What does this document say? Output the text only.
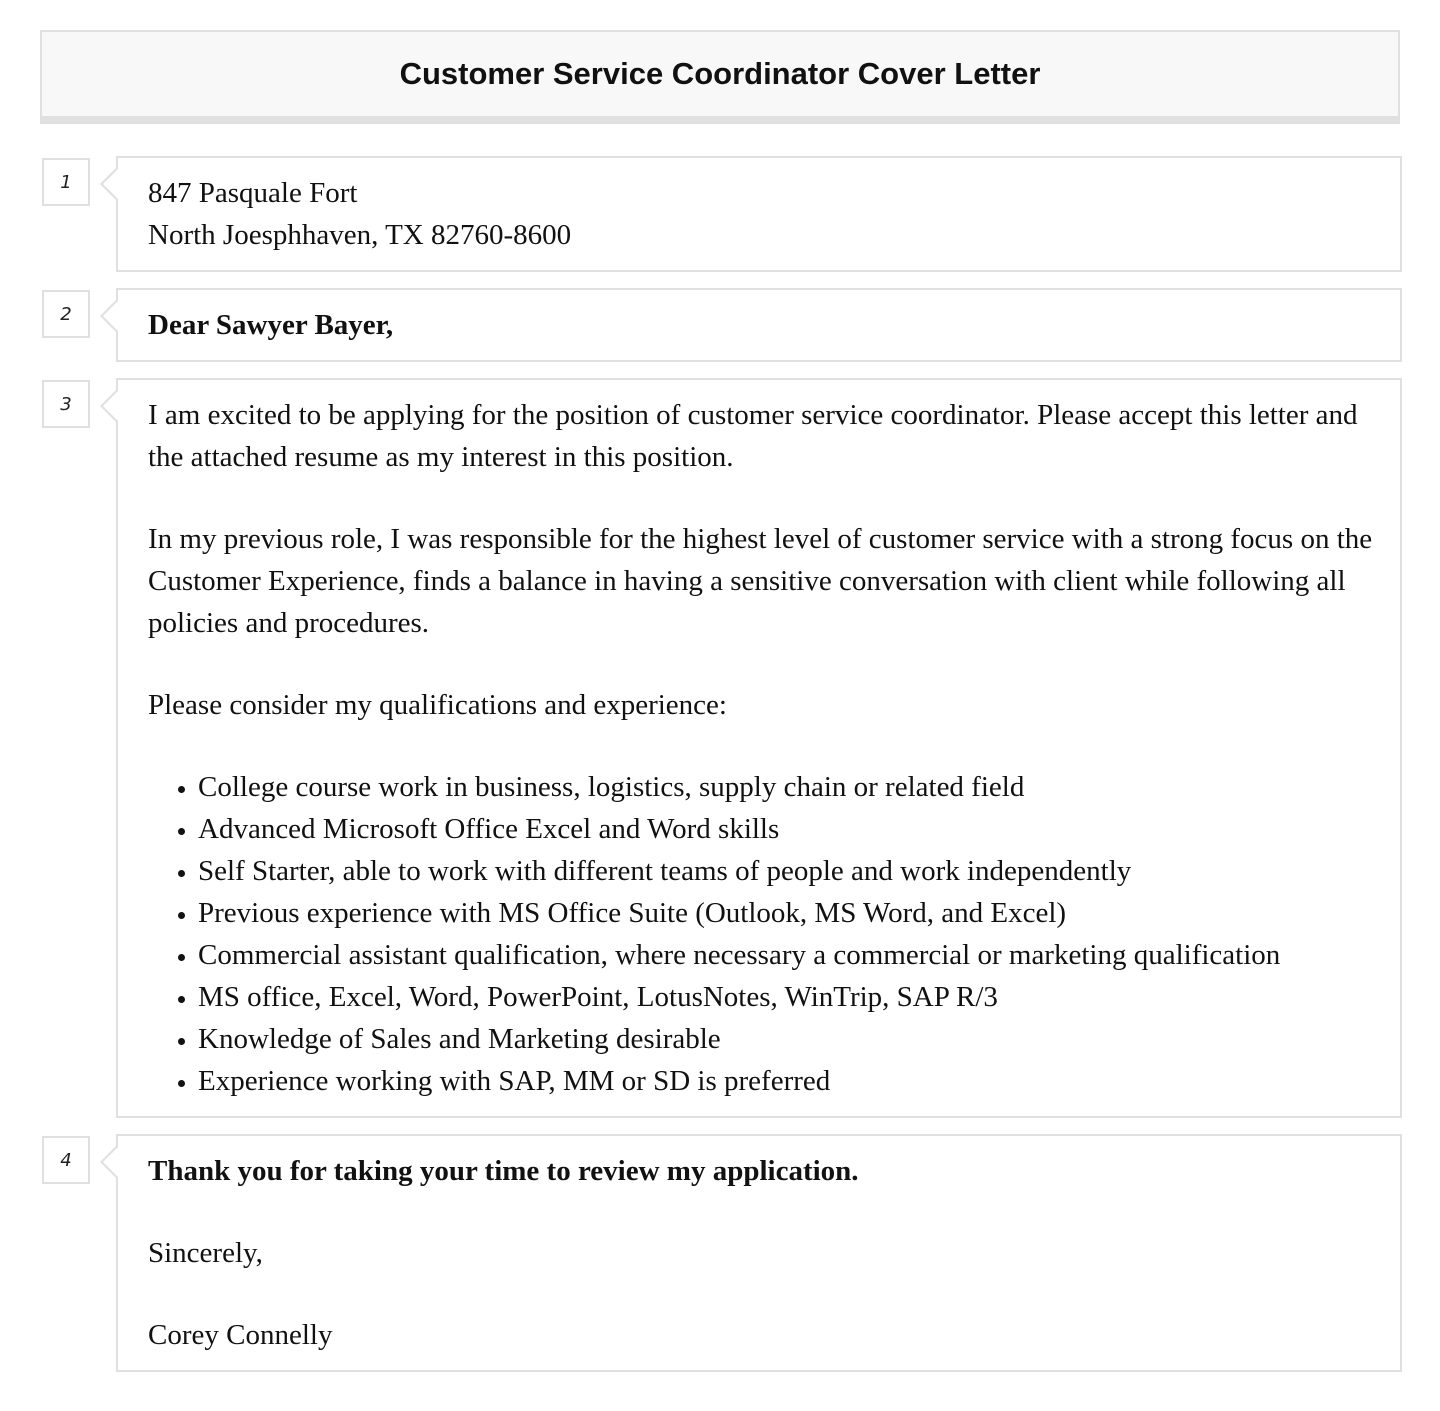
Customer Service Coordinator Cover Letter
1	847 Pasquale Fort

North Joesphhaven, TX 82760-8600

2	Dear Sawyer Bayer,

3	I am excited to be applying for the position of customer service coordinator. Please accept this letter and the attached resume as my interest in this position.

In my previous role, I was responsible for the highest level of customer service with a strong focus on the Customer Experience, finds a balance in having a sensitive conversation with client while following all policies and procedures.

Please consider my qualifications and experience:

• College course work in business, logistics, supply chain or related field
• Advanced Microsoft Office Excel and Word skills
• Self Starter, able to work with different teams of people and work independently
• Previous experience with MS Office Suite (Outlook, MS Word, and Excel)
• Commercial assistant qualification, where necessary a commercial or marketing qualification
• MS office, Excel, Word, PowerPoint, LotusNotes, WinTrip, SAP R/3
• Knowledge of Sales and Marketing desirable
• Experience working with SAP, MM or SD is preferred
4	Thank you for taking your time to review my application.

Sincerely,

Corey Connelly
